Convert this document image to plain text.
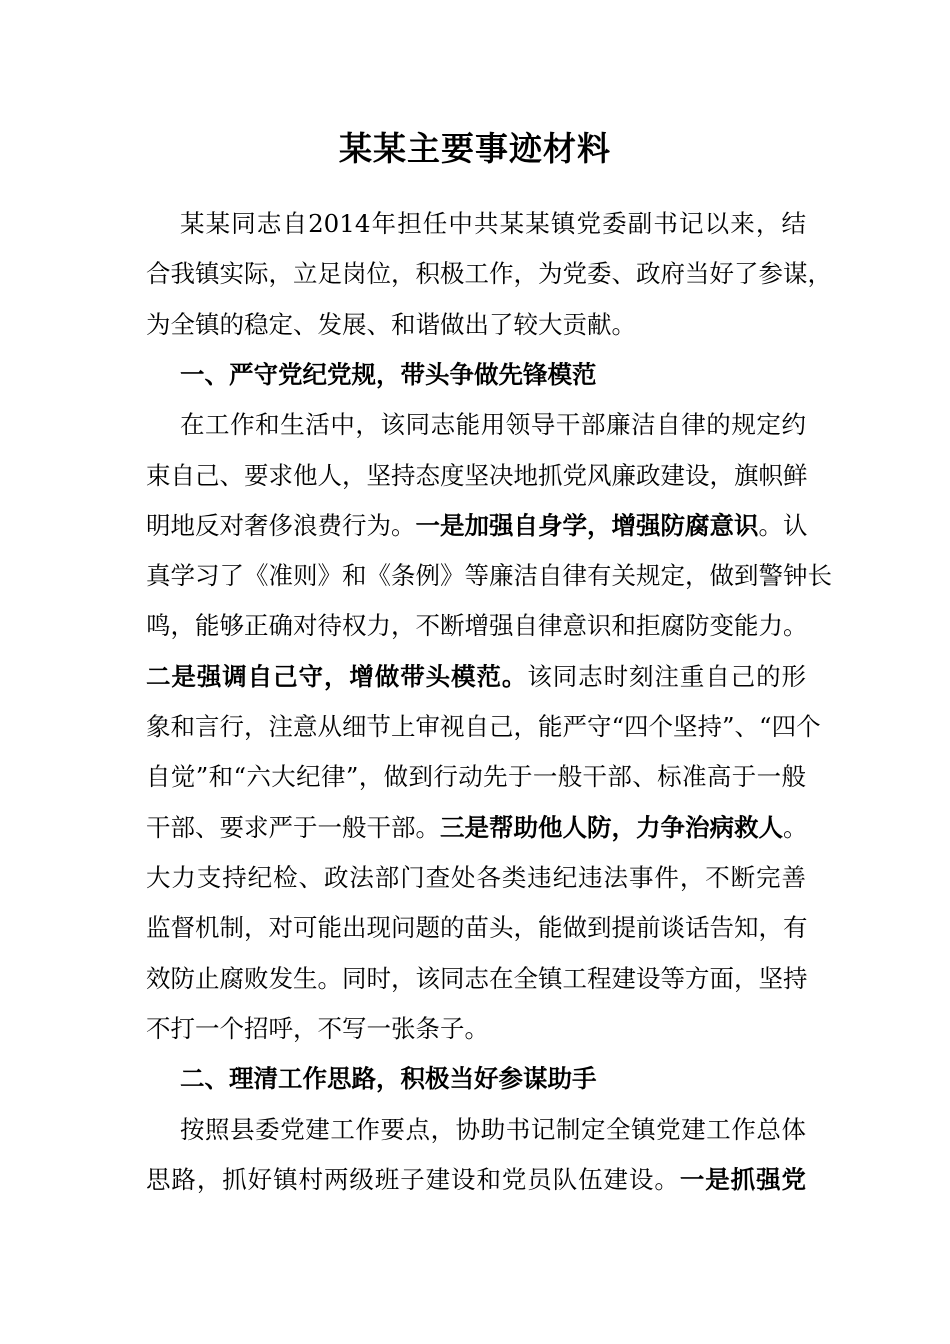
某某主要事迹材料
某某同志自2014年担任中共某某镇党委副书记以来，结
合我镇实际，立足岗位，积极工作，为党委、政府当好了参谋，
为全镇的稳定、发展、和谐做出了较大贡献。
一、严守党纪党规，带头争做先锋模范
在工作和生活中，该同志能用领导干部廉洁自律的规定约
束自己、要求他人，坚持态度坚决地抓党风廉政建设，旗帜鲜
明地反对奢侈浪费行为。一是加强自身学，增强防腐意识。认
真学习了《准则》和《条例》等廉洁自律有关规定，做到警钟长
鸣，能够正确对待权力，不断增强自律意识和拒腐防变能力。
二是强调自己守，增做带头模范。该同志时刻注重自己的形
象和言行，注意从细节上审视自己，能严守“四个坚持”、“四个
自觉”和“六大纪律”，做到行动先于一般干部、标准高于一般
干部、要求严于一般干部。三是帮助他人防，力争治病救人。
大力支持纪检、政法部门查处各类违纪违法事件，不断完善
监督机制，对可能出现问题的苗头，能做到提前谈话告知，有
效防止腐败发生。同时，该同志在全镇工程建设等方面，坚持
不打一个招呼，不写一张条子。
二、理清工作思路，积极当好参谋助手
按照县委党建工作要点，协助书记制定全镇党建工作总体
思路，抓好镇村两级班子建设和党员队伍建设。一是抓强党
